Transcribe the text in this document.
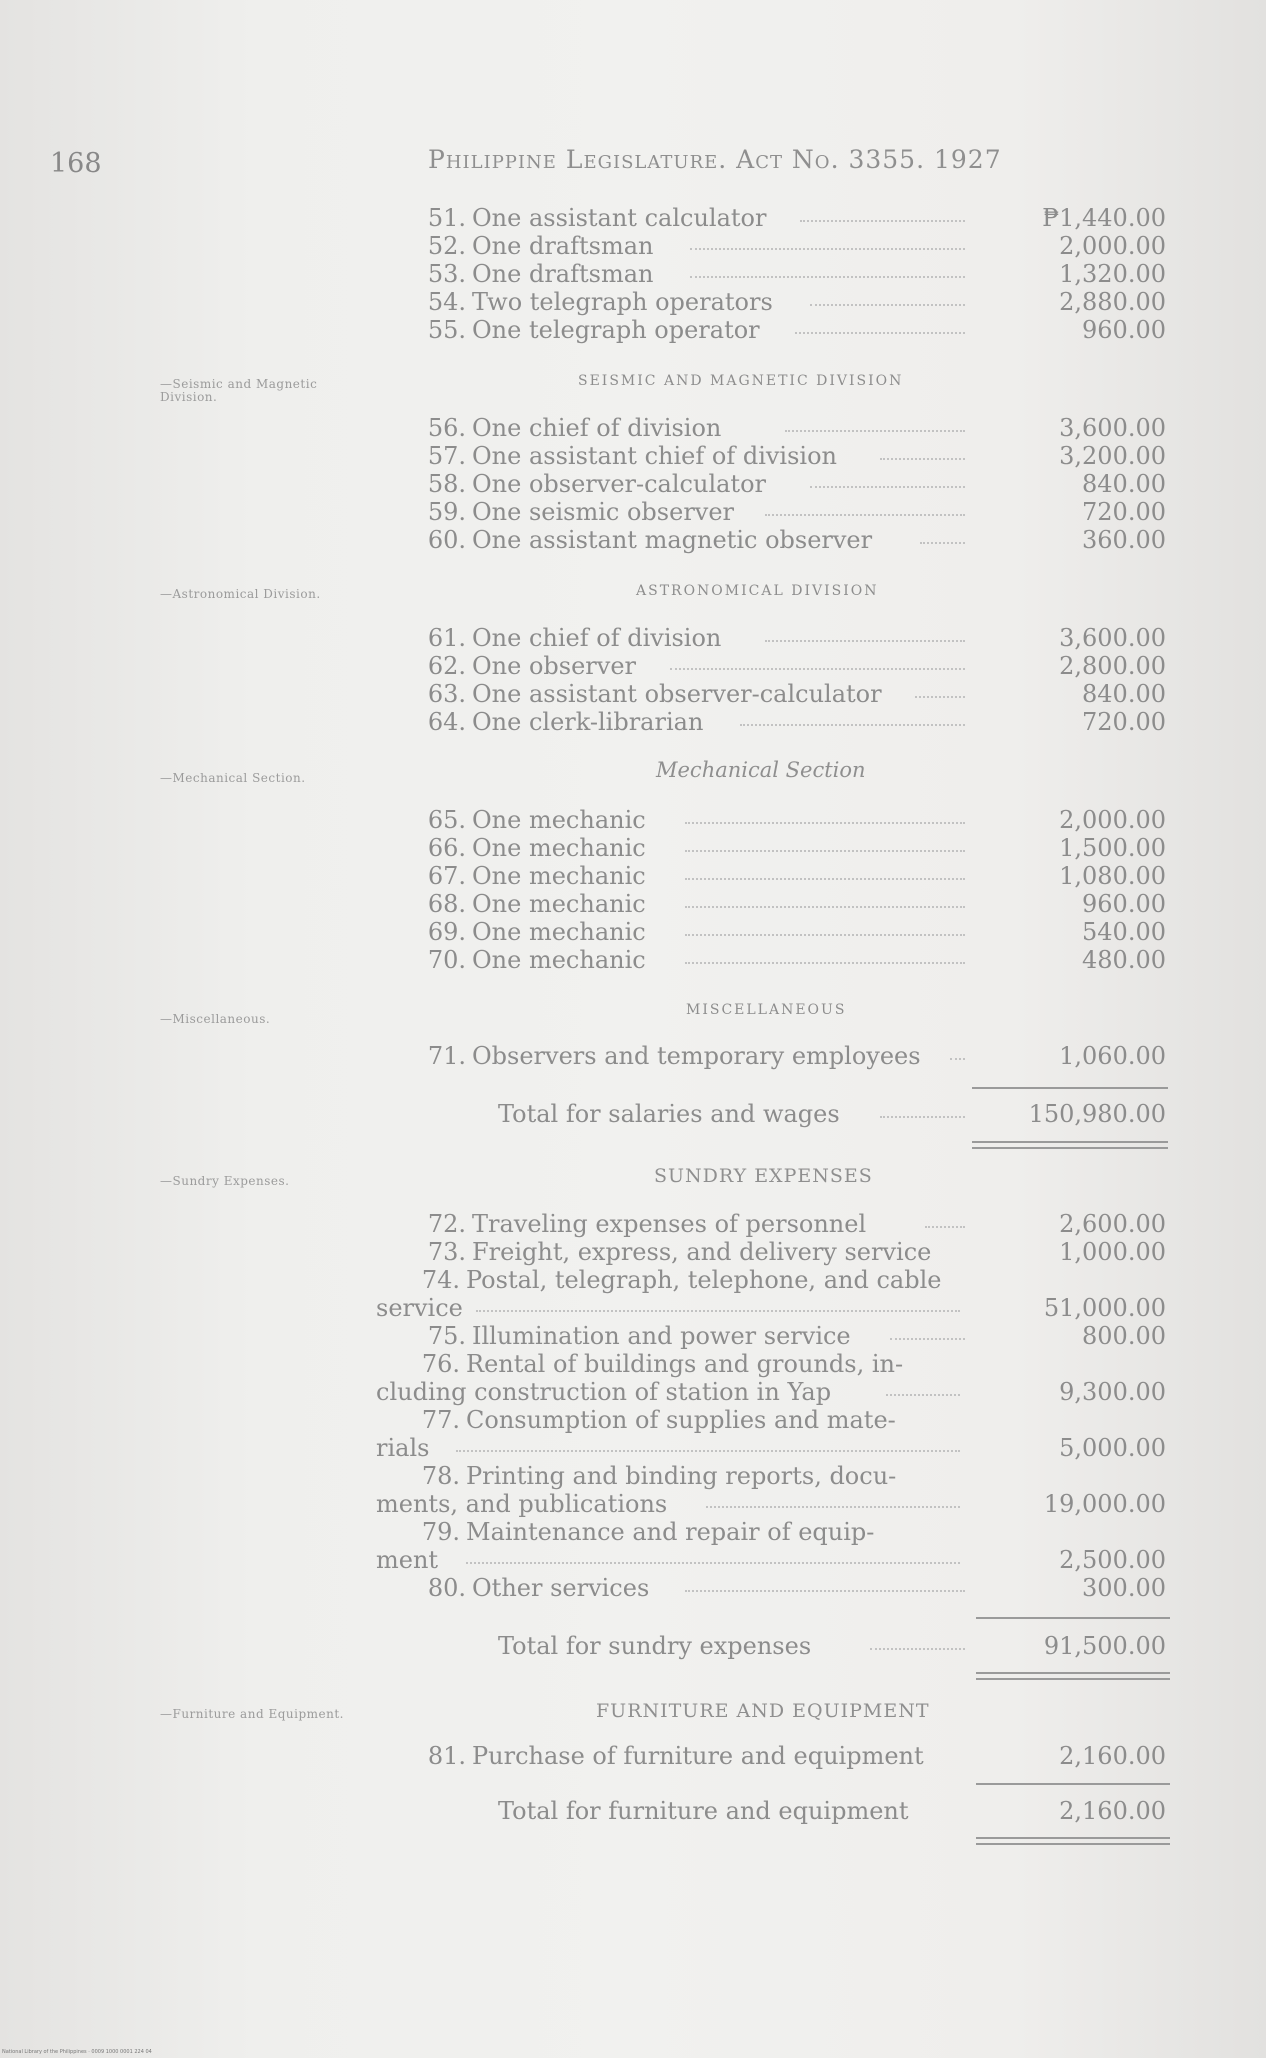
168	Philippine Legislature. Act No. 3355. 1927
51. One assistant calculator	₱1,440.00
52. One draftsman	2,000.00
53. One draftsman	1,320.00
54. Two telegraph operators	2,880.00
55. One telegraph operator	960.00
—Seismic and Magnetic Division.
SEISMIC AND MAGNETIC DIVISION
56. One chief of division	3,600.00
57. One assistant chief of division	3,200.00
58. One observer-calculator	840.00
59. One seismic observer	720.00
60. One assistant magnetic observer	360.00
—Astronomical Division.	ASTRONOMICAL DIVISION
61. One chief of division	3,600.00
62. One observer	2,800.00
63. One assistant observer-calculator	840.00
64. One clerk-librarian	720.00
—Mechanical Section.	Mechanical Section
65. One mechanic	2,000.00
66. One mechanic	1,500.00
67. One mechanic	1,080.00
68. One mechanic	960.00
69. One mechanic	540.00
70. One mechanic	480.00
—Miscellaneous.
MISCELLANEOUS
71. Observers and temporary employees	1,060.00
Total for salaries and wages	150,980.00
—Sundry Expenses.	SUNDRY EXPENSES
72. Traveling expenses of personnel	2,600.00
73. Freight, express, and delivery service	1,000.00
74. Postal, telegraph, telephone, and cable
service	51,000.00
75. Illumination and power service	800.00
76. Rental of buildings and grounds, in-
cluding construction of station in Yap	9,300.00
77. Consumption of supplies and mate-
rials	5,000.00
78. Printing and binding reports, docu-
ments, and publications	19,000.00
79. Maintenance and repair of equip-
ment	2,500.00
80. Other services	300.00
Total for sundry expenses	91,500.00
—Furniture and Equipment.	FURNITURE AND EQUIPMENT
81. Purchase of furniture and equipment	2,160.00
Total for furniture and equipment	2,160.00
National Library of the Philippines · 0009 1000 0001 224 04
